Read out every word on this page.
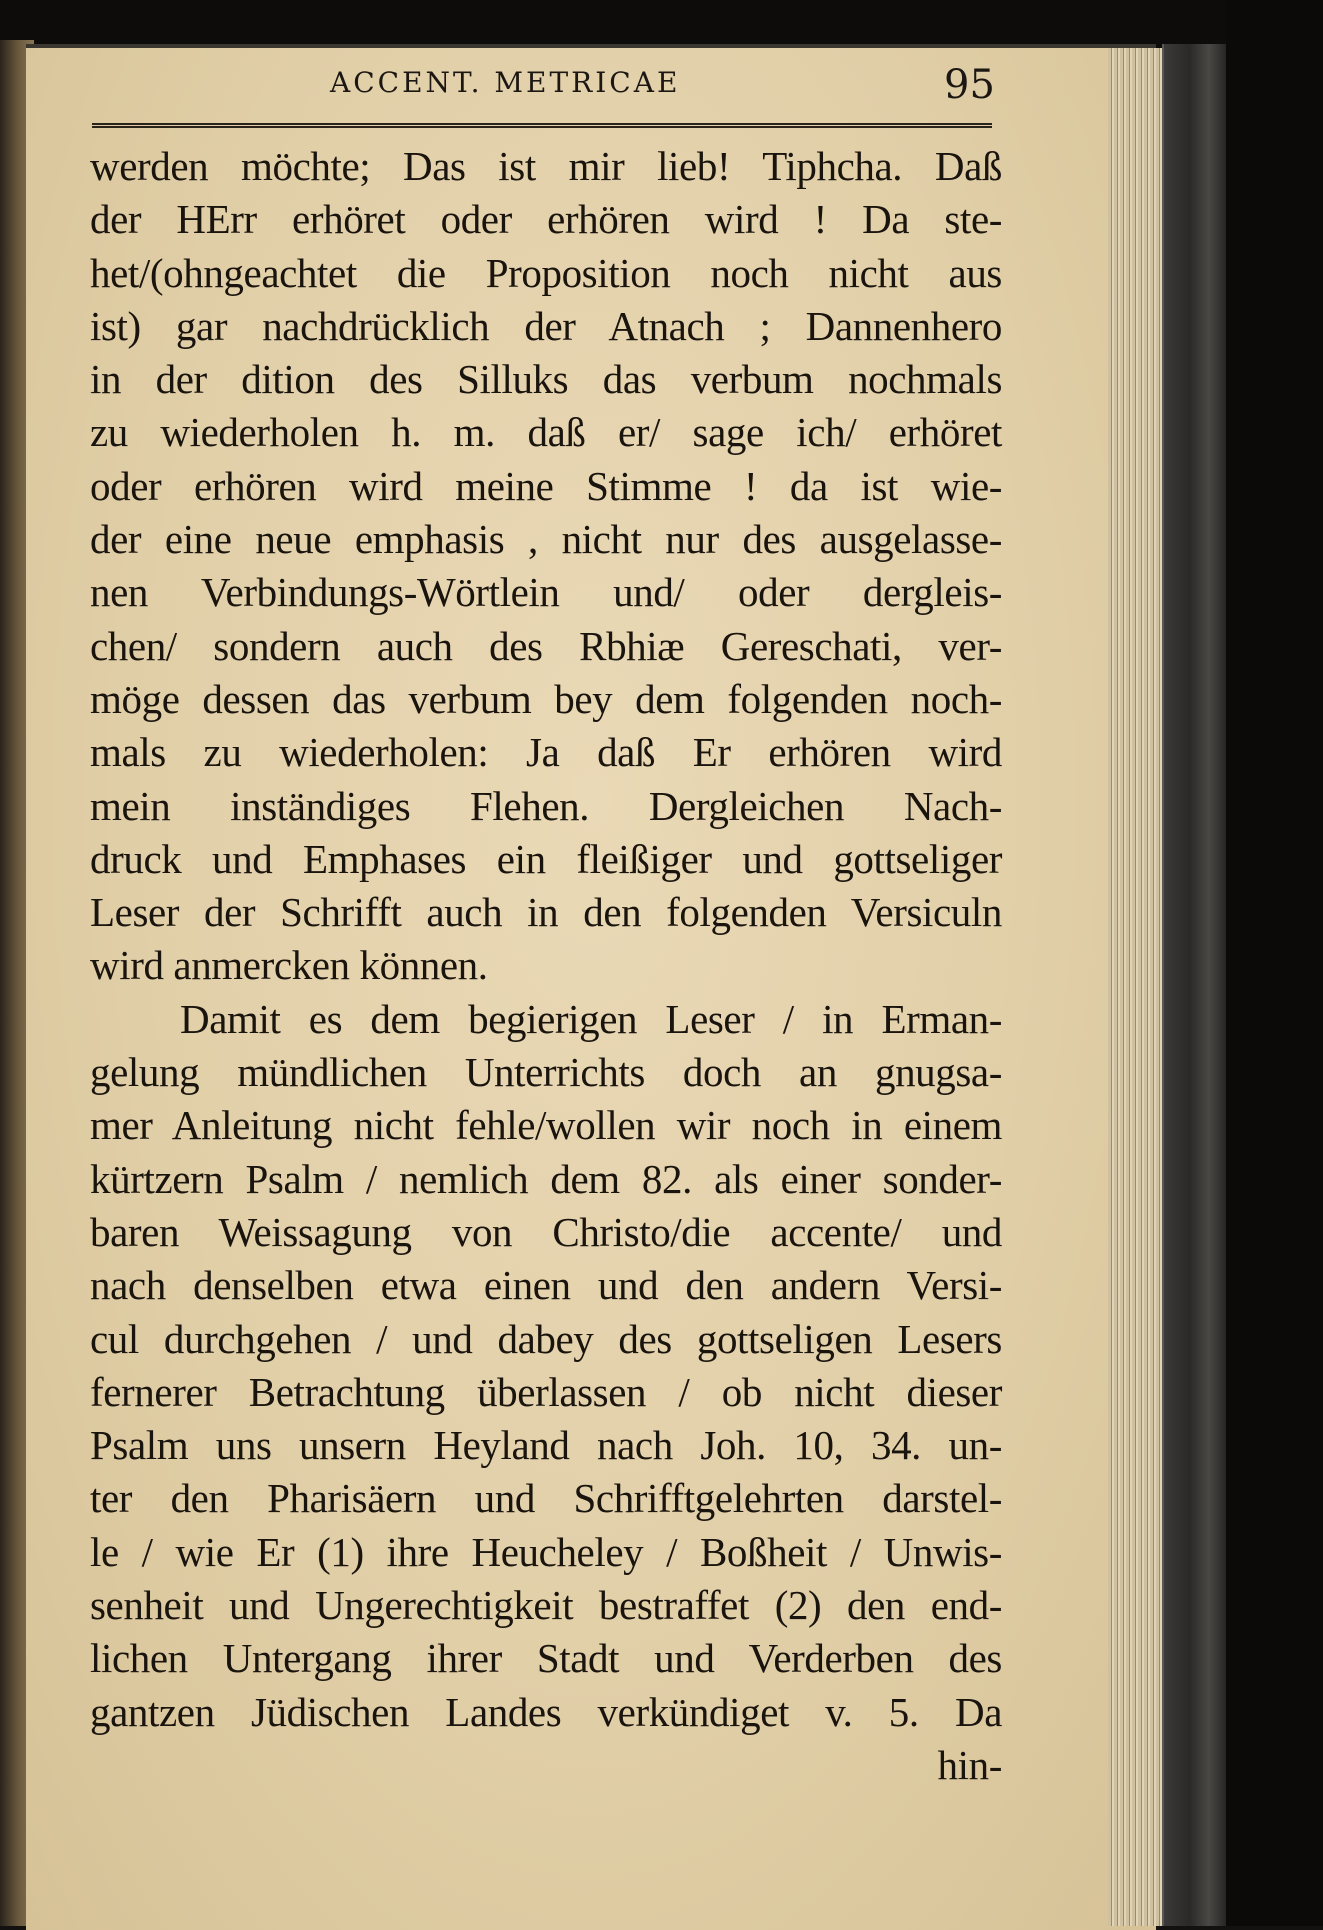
ACCENT. METRICAE	95
werden möchte; Das ist mir lieb! Tiphcha. Daß
der HErr erhöret oder erhören wird ! Da ste-
het/(ohngeachtet die Proposition noch nicht aus
ist) gar nachdrücklich der Atnach ; Dannenhero
in der dition des Silluks das verbum nochmals
zu wiederholen h. m. daß er/ sage ich/ erhöret
oder erhören wird meine Stimme ! da ist wie-
der eine neue emphasis , nicht nur des ausgelasse-
nen Verbindungs-Wörtlein und/ oder dergleis-
chen/ sondern auch des Rbhiæ Gereschati, ver-
möge dessen das verbum bey dem folgenden noch-
mals zu wiederholen: Ja daß Er erhören wird
mein inständiges Flehen. Dergleichen Nach-
druck und Emphases ein fleißiger und gottseliger
Leser der Schrifft auch in den folgenden Versiculn
wird anmercken können.
Damit es dem begierigen Leser / in Erman-
gelung mündlichen Unterrichts doch an gnugsa-
mer Anleitung nicht fehle/wollen wir noch in einem
kürtzern Psalm / nemlich dem 82. als einer sonder-
baren Weissagung von Christo/die accente/ und
nach denselben etwa einen und den andern Versi-
cul durchgehen / und dabey des gottseligen Lesers
fernerer Betrachtung überlassen / ob nicht dieser
Psalm uns unsern Heyland nach Joh. 10, 34. un-
ter den Pharisäern und Schrifftgelehrten darstel-
le / wie Er (1) ihre Heucheley / Boßheit / Unwis-
senheit und Ungerechtigkeit bestraffet (2) den end-
lichen Untergang ihrer Stadt und Verderben des
gantzen Jüdischen Landes verkündiget v. 5. Da
hin-
